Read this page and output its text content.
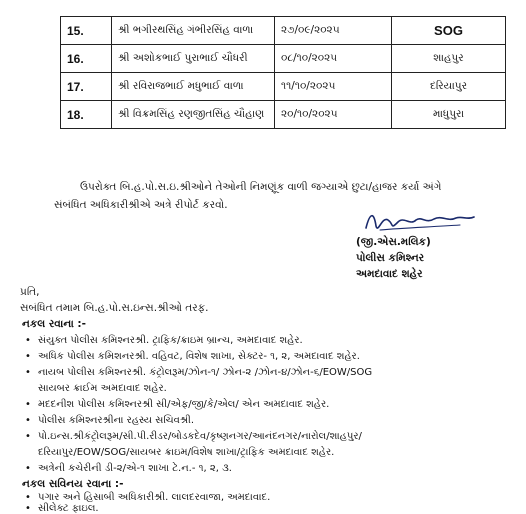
15.	શ્રી ભગીરથસિંહ ગંભીરસિંહ વાળા	૨૭/૦૯/૨૦૨૫	SOG
16.	શ્રી અશોકભાઈ પુરાભાઈ ચૌધરી	૦૮/૧૦/૨૦૨૫	શાહપુર
17.	શ્રી રવિરાજભાઈ મધુભાઈ વાળા	૧૧/૧૦/૨૦૨૫	દરિયાપુર
18.	શ્રી વિક્રમસિંહ રણજીતસિંહ ચૌહાણ	૨૦/૧૦/૨૦૨૫	માધુપુરા
ઉપરોક્ત બિ.હ.પો.સ.ઇ.શ્રીઓને તેઓની નિમણૂંક વાળી જગ્યાએ છુટા/હાજર કર્યા અંગે
સંબંધિત અધિકારીશ્રીએ અત્રે રીપોર્ટ કરવો.
(જી.એસ.મલિક)
પોલીસ કમિશ્નર
અમદાવાદ શહેર
પ્રતિ,
સબંધિત તમામ બિ.હ.પો.સ.ઇન્સ.શ્રીઓ તરફ.
નકલ રવાના :-
• સંયુક્ત પોલીસ કમિશ્નરશ્રી. ટ્રાફિક/ક્રાઇમ બ્રાન્ચ, અમદાવાદ શહેર.
• અધિક પોલીસ કમિશનરશ્રી. વહિવટ, વિશેષ શાખા, સેક્ટર- ૧, ૨, અમદાવાદ શહેર.
• નાયબ પોલીસ કમિશ્નરશ્રી. કંટ્રોલરૂમ/ઝોન-૧/ ઝોન-૨ /ઝોન-૪/ઝોન-૬/EOW/SOG
સાયબર ક્રાઈમ અમદાવાદ શહેર.
• મદદનીશ પોલીસ કમિશ્નરશ્રી સી/એફ/જી/કે/એલ/ એન અમદાવાદ શહેર.
• પોલીસ કમિશ્નરશ્રીના રહસ્ય સચિવશ્રી.
• પો.ઇન્સ.શ્રીકંટ્રોલરૂમ/સી.પી.રીડર/બોડકદેવ/કૃષ્ણનગર/આનંદનગર/નારોલ/શાહપુર/
દરિયાપુર/EOW/SOG/સાયબર ક્રાઇમ/વિશેષ શાખા/ટ્રાફિક અમદાવાદ શહેર.
• અત્રેની કચેરીની ડી-૨/એ-૧ શાખા ટે.ન.- ૧, ૨, ૩.
નકલ સવિનય રવાના :-
• પગાર અને હિસાબી અધિકારીશ્રી. લાલદરવાજા, અમદાવાદ.
• સીલેક્ટ ફાઇલ.
